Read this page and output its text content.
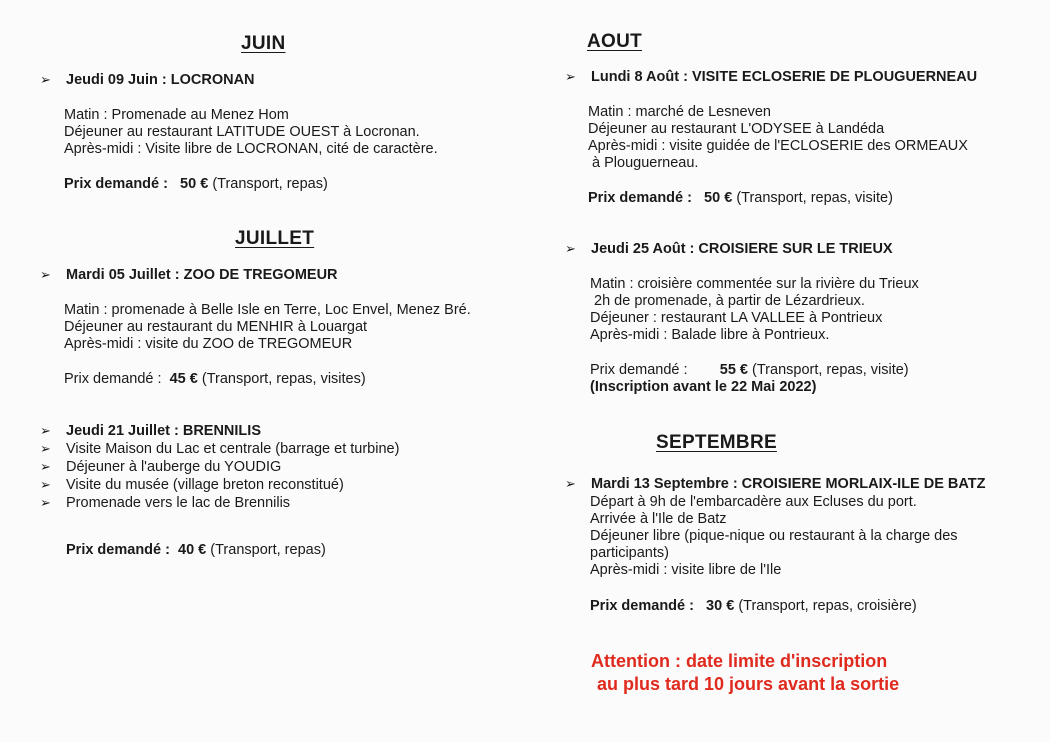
JUIN
➢ Jeudi 09 Juin : LOCRONAN
Matin : Promenade au Menez Hom
Déjeuner au restaurant LATITUDE OUEST à Locronan.
Après-midi : Visite libre de LOCRONAN, cité de caractère.
Prix demandé : 50 € (Transport, repas)
JUILLET
➢ Mardi 05 Juillet : ZOO DE TREGOMEUR
Matin : promenade à Belle Isle en Terre, Loc Envel, Menez Bré.
Déjeuner au restaurant du MENHIR à Louargat
Après-midi : visite du ZOO de TREGOMEUR
Prix demandé : 45 € (Transport, repas, visites)
➢ Jeudi 21 Juillet : BRENNILIS
➢ Visite Maison du Lac et centrale (barrage et turbine)
➢ Déjeuner à l'auberge du YOUDIG
➢ Visite du musée (village breton reconstitué)
➢ Promenade vers le lac de Brennilis
Prix demandé : 40 € (Transport, repas)
AOUT
➢ Lundi 8 Août : VISITE ECLOSERIE DE PLOUGUERNEAU
Matin : marché de Lesneven
Déjeuner au restaurant L'ODYSEE à Landéda
Après-midi : visite guidée de l'ECLOSERIE des ORMEAUX
à Plouguerneau.
Prix demandé : 50 € (Transport, repas, visite)
➢ Jeudi 25 Août : CROISIERE SUR LE TRIEUX
Matin : croisière commentée sur la rivière du Trieux
2h de promenade, à partir de Lézardrieux.
Déjeuner : restaurant LA VALLEE à Pontrieux
Après-midi : Balade libre à Pontrieux.
Prix demandé : 55 € (Transport, repas, visite)
(Inscription avant le 22 Mai 2022)
SEPTEMBRE
➢ Mardi 13 Septembre : CROISIERE MORLAIX-ILE DE BATZ
Départ à 9h de l'embarcadère aux Ecluses du port.
Arrivée à l'Ile de Batz
Déjeuner libre (pique-nique ou restaurant à la charge des
participants)
Après-midi : visite libre de l'Ile
Prix demandé : 30 € (Transport, repas, croisière)
Attention : date limite d'inscription
au plus tard 10 jours avant la sortie
